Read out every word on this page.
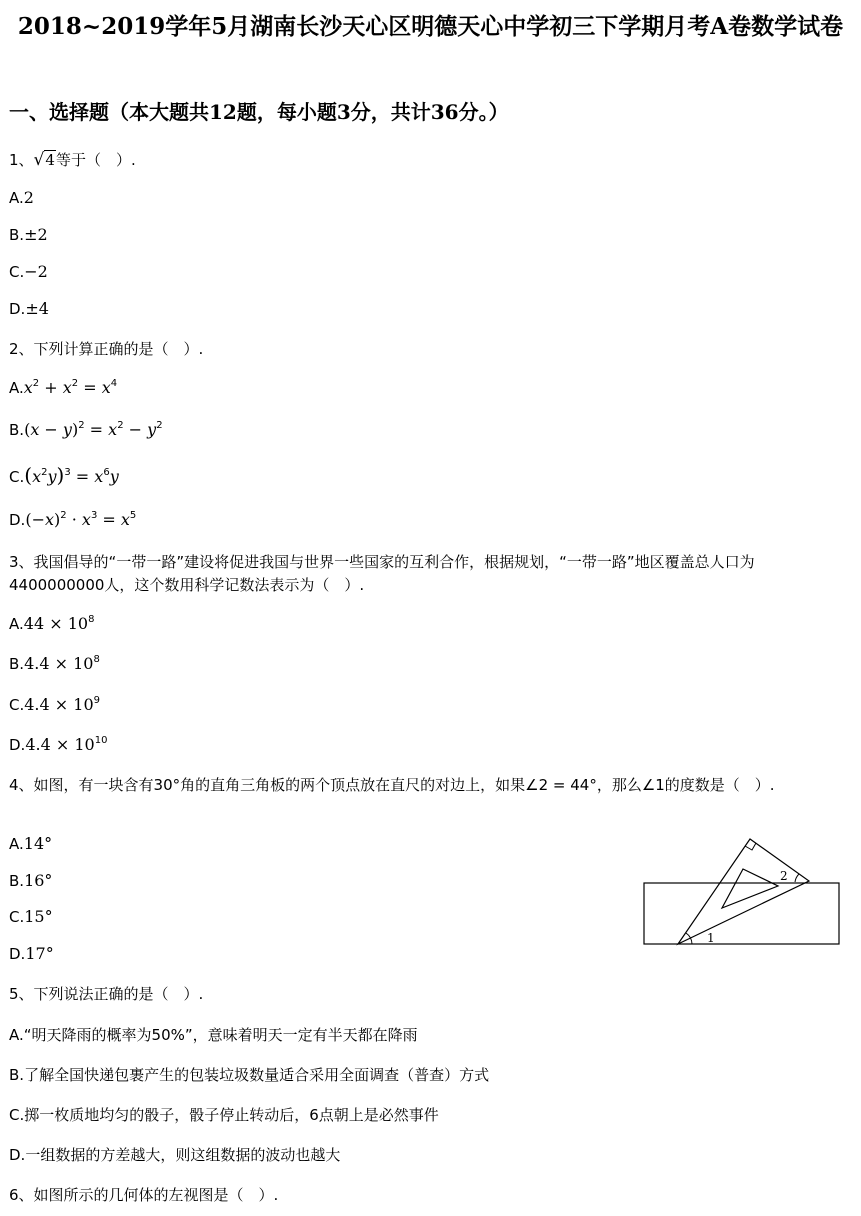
2018~2019学年5月湖南长沙天心区明德天心中学初三下学期月考A卷数学试卷
一、选择题（本大题共12题，每小题3分，共计36分。）
1、√4等于（　）.
A.2
B.±2
C.−2
D.±4
2、下列计算正确的是（　）.
$A.x^2 + x^2 = x^4$
$B.(x - y)^2 = x^2 - y^2$
$C.(x^2y)^3 = x^6y$
$D.(-x)^2 \cdot x^3 = x^5$
3、我国倡导的“一带一路”建设将促进我国与世界一些国家的互利合作，根据规划，“一带一路”地区覆盖总人口为4400000000人，这个数用科学记数法表示为（　）.
$A.44 \times 10^8$
$B.4.4 \times 10^8$
$C.4.4 \times 10^9$
$D.4.4 \times 10^{10}$
4、如图，有一块含有30°角的直角三角板的两个顶点放在直尺的对边上，如果∠2 = 44°，那么∠1的度数是（　）.
A.14°
B.16°
C.15°
D.17°
1
2
5、下列说法正确的是（　）.
A.“明天降雨的概率为50%”，意味着明天一定有半天都在降雨
B.了解全国快递包裹产生的包装垃圾数量适合采用全面调查（普查）方式
C.掷一枚质地均匀的骰子，骰子停止转动后，6点朝上是必然事件
D.一组数据的方差越大，则这组数据的波动也越大
6、如图所示的几何体的左视图是（　）.
